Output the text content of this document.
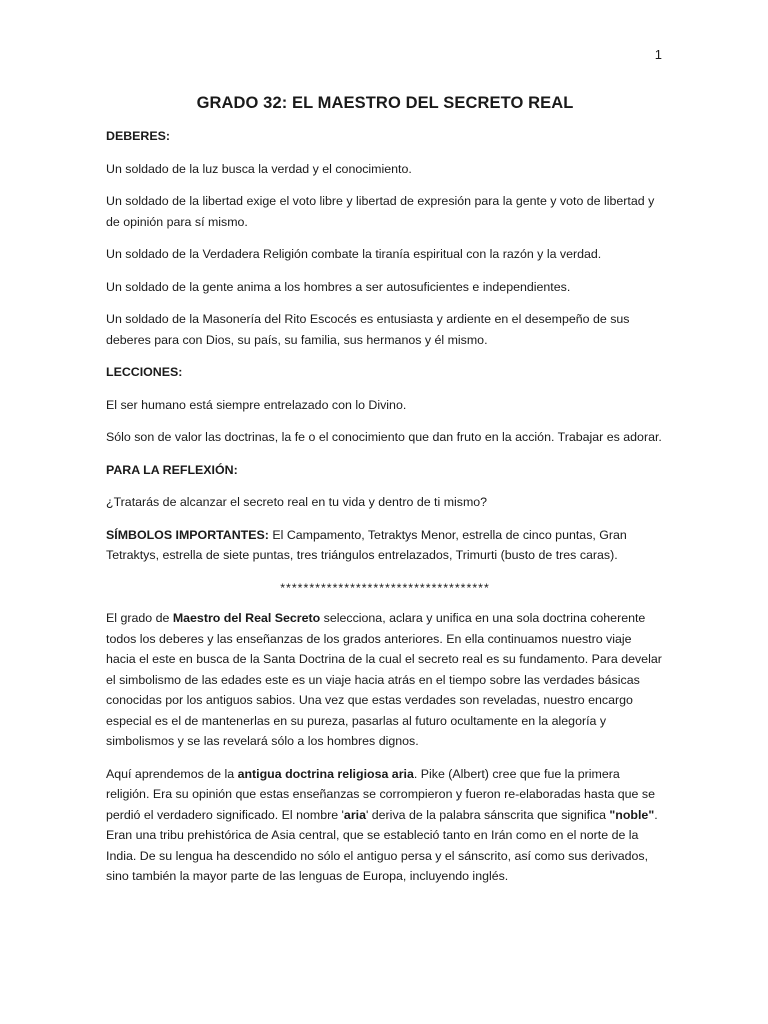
1
GRADO 32: EL MAESTRO DEL SECRETO REAL

DEBERES:

Un soldado de la luz busca la verdad y el conocimiento.

Un soldado de la libertad exige el voto libre y libertad de expresión para la gente y voto de libertad y de opinión para sí mismo.

Un soldado de la Verdadera Religión combate la tiranía espiritual con la razón y la verdad.

Un soldado de la gente anima a los hombres a ser autosuficientes e independientes.

Un soldado de la Masonería del Rito Escocés es entusiasta y ardiente en el desempeño de sus deberes para con Dios, su país, su familia, sus hermanos y él mismo.

LECCIONES:

El ser humano está siempre entrelazado con lo Divino.

Sólo son de valor las doctrinas, la fe o el conocimiento que dan fruto en la acción. Trabajar es adorar.

PARA LA REFLEXIÓN:

¿Tratarás de alcanzar el secreto real en tu vida y dentro de ti mismo?

SÍMBOLOS IMPORTANTES: El Campamento, Tetraktys Menor, estrella de cinco puntas, Gran Tetraktys, estrella de siete puntas, tres triángulos entrelazados, Trimurti (busto de tres caras).

************************************

El grado de Maestro del Real Secreto selecciona, aclara y unifica en una sola doctrina coherente todos los deberes y las enseñanzas de los grados anteriores. En ella continuamos nuestro viaje hacia el este en busca de la Santa Doctrina de la cual el secreto real es su fundamento. Para develar el simbolismo de las edades este es un viaje hacia atrás en el tiempo sobre las verdades básicas conocidas por los antiguos sabios. Una vez que estas verdades son reveladas, nuestro encargo especial es el de mantenerlas en su pureza, pasarlas al futuro ocultamente en la alegoría y simbolismos y se las revelará sólo a los hombres dignos.

Aquí aprendemos de la antigua doctrina religiosa aria. Pike (Albert) cree que fue la primera religión. Era su opinión que estas enseñanzas se corrompieron y fueron re-elaboradas hasta que se perdió el verdadero significado. El nombre 'aria' deriva de la palabra sánscrita que significa "noble". Eran una tribu prehistórica de Asia central, que se estableció tanto en Irán como en el norte de la India. De su lengua ha descendido no sólo el antiguo persa y el sánscrito, así como sus derivados, sino también la mayor parte de las lenguas de Europa, incluyendo inglés.
